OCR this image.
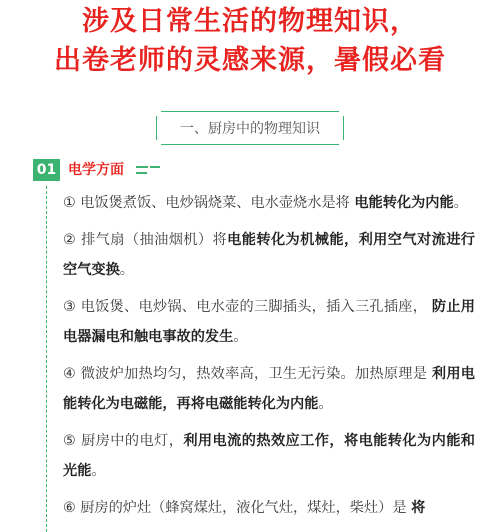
涉及日常生活的物理知识，
出卷老师的灵感来源，暑假必看
一、厨房中的物理知识
01 电学方面

① 电饭煲煮饭、电炒锅烧菜、电水壶烧水是将 电能转化为内能。

② 排气扇（抽油烟机）将电能转化为机械能，利用空气对流进行空气变换。

③ 电饭煲、电炒锅、电水壶的三脚插头，插入三孔插座， 防止用电器漏电和触电事故的发生。

④ 微波炉加热均匀，热效率高，卫生无污染。加热原理是 利用电能转化为电磁能，再将电磁能转化为内能。

⑤ 厨房中的电灯，利用电流的热效应工作，将电能转化为内能和光能。

⑥ 厨房的炉灶（蜂窝煤灶，液化气灶，煤灶，柴灶）是 将
